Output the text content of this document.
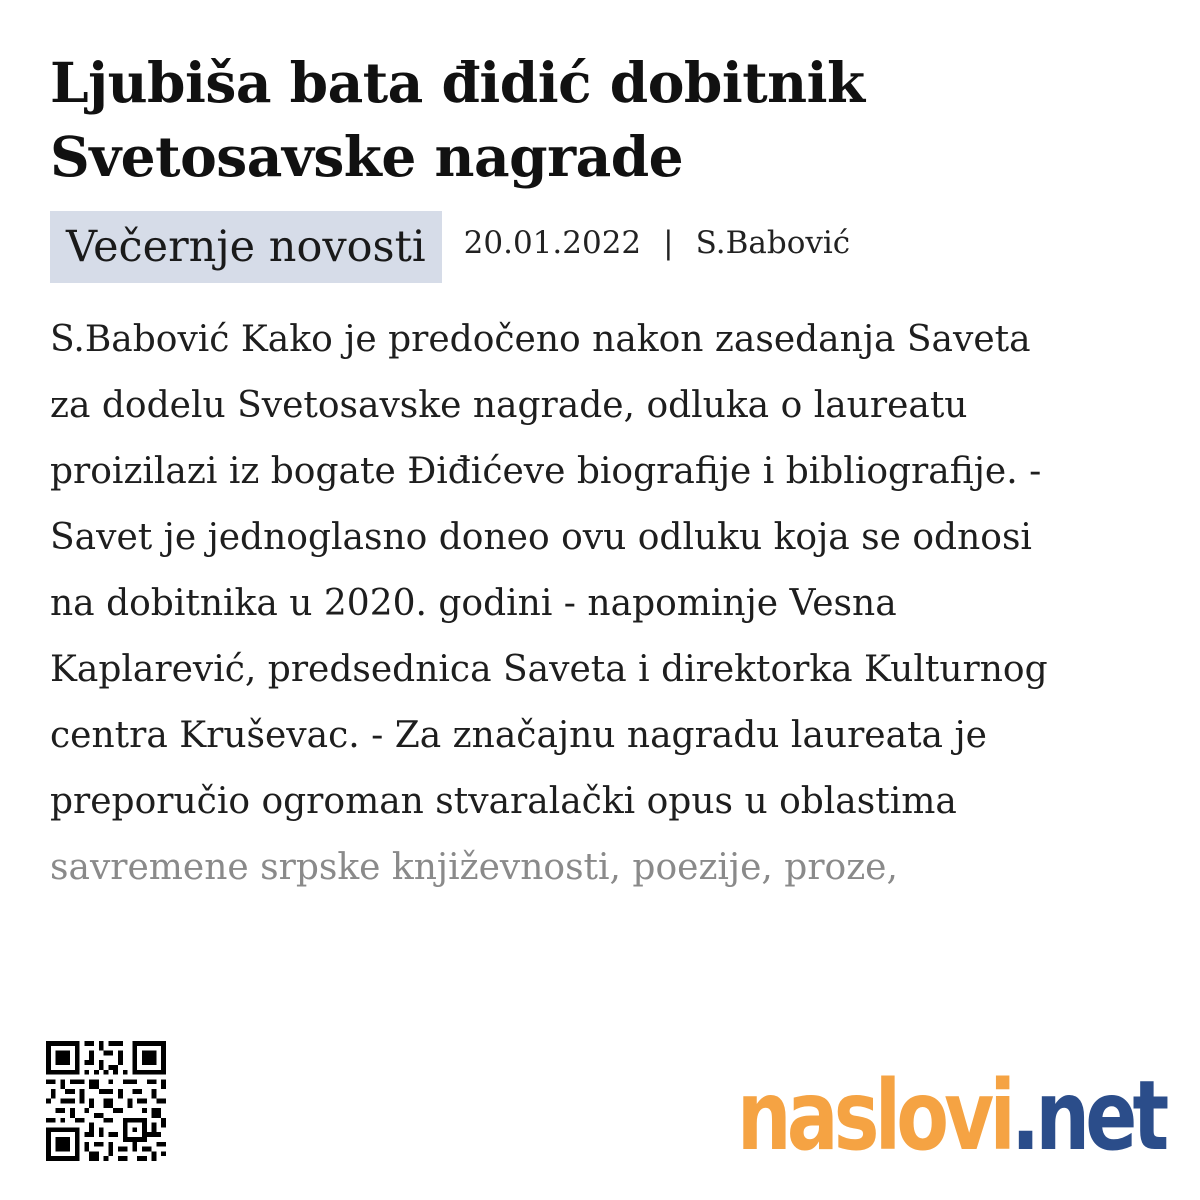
Ljubiša bata đidić dobitnik
Svetosavske nagrade
Večernje novosti	20.01.2022 | S.Babović
S.Babović Kako je predočeno nakon zasedanja Saveta
za dodelu Svetosavske nagrade, odluka o laureatu
proizilazi iz bogate Điđićeve biografije i bibliografije. -
Savet je jednoglasno doneo ovu odluku koja se odnosi
na dobitnika u 2020. godini - napominje Vesna
Kaplarević, predsednica Saveta i direktorka Kulturnog
centra Kruševac. - Za značajnu nagradu laureata je
preporučio ogroman stvaralački opus u oblastima
savremene srpske književnosti, poezije, proze,
naslovi .net
